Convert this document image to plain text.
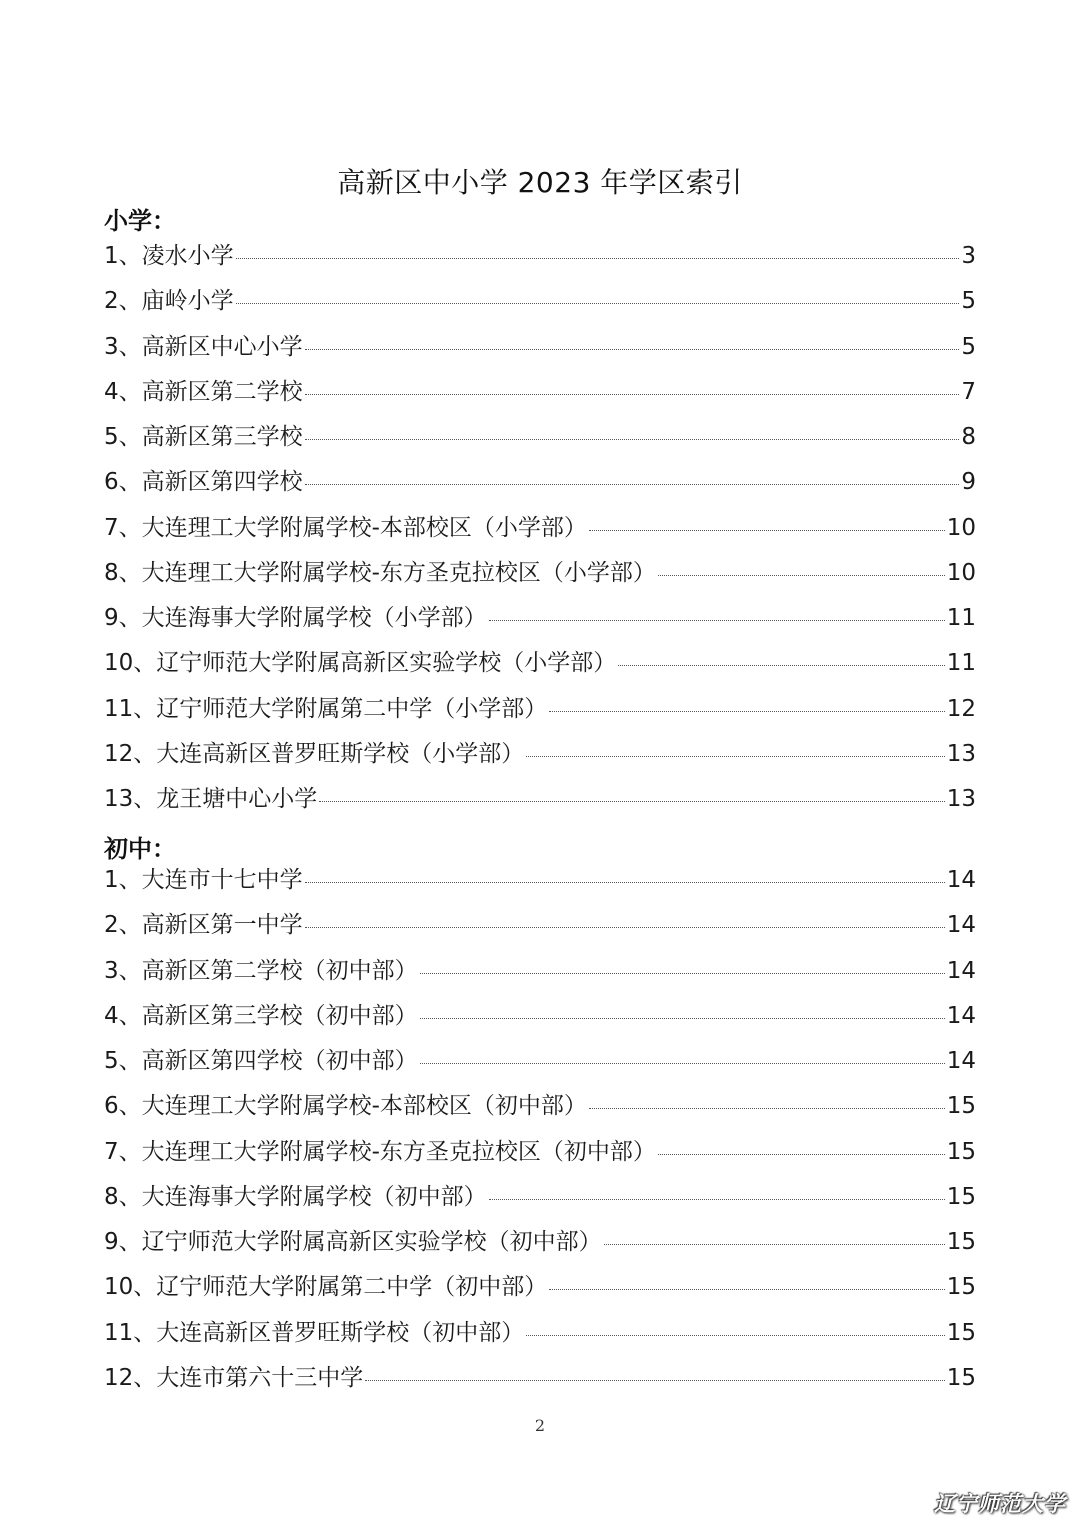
高新区中小学 2023 年学区索引
小学：
1、凌水小学	3
2、庙岭小学	5
3、高新区中心小学	5
4、高新区第二学校	7
5、高新区第三学校	8
6、高新区第四学校	9
7、大连理工大学附属学校-本部校区（小学部）	10
8、大连理工大学附属学校-东方圣克拉校区（小学部）	10
9、大连海事大学附属学校（小学部）	11
10、辽宁师范大学附属高新区实验学校（小学部）	11
11、辽宁师范大学附属第二中学（小学部）	12
12、大连高新区普罗旺斯学校（小学部）	13
13、龙王塘中心小学	13
初中：
1、大连市十七中学	14
2、高新区第一中学	14
3、高新区第二学校（初中部）	14
4、高新区第三学校（初中部）	14
5、高新区第四学校（初中部）	14
6、大连理工大学附属学校-本部校区（初中部）	15
7、大连理工大学附属学校-东方圣克拉校区（初中部）	15
8、大连海事大学附属学校（初中部）	15
9、辽宁师范大学附属高新区实验学校（初中部）	15
10、辽宁师范大学附属第二中学（初中部）	15
11、大连高新区普罗旺斯学校（初中部）	15
12、大连市第六十三中学	15
2
辽宁师范大学
